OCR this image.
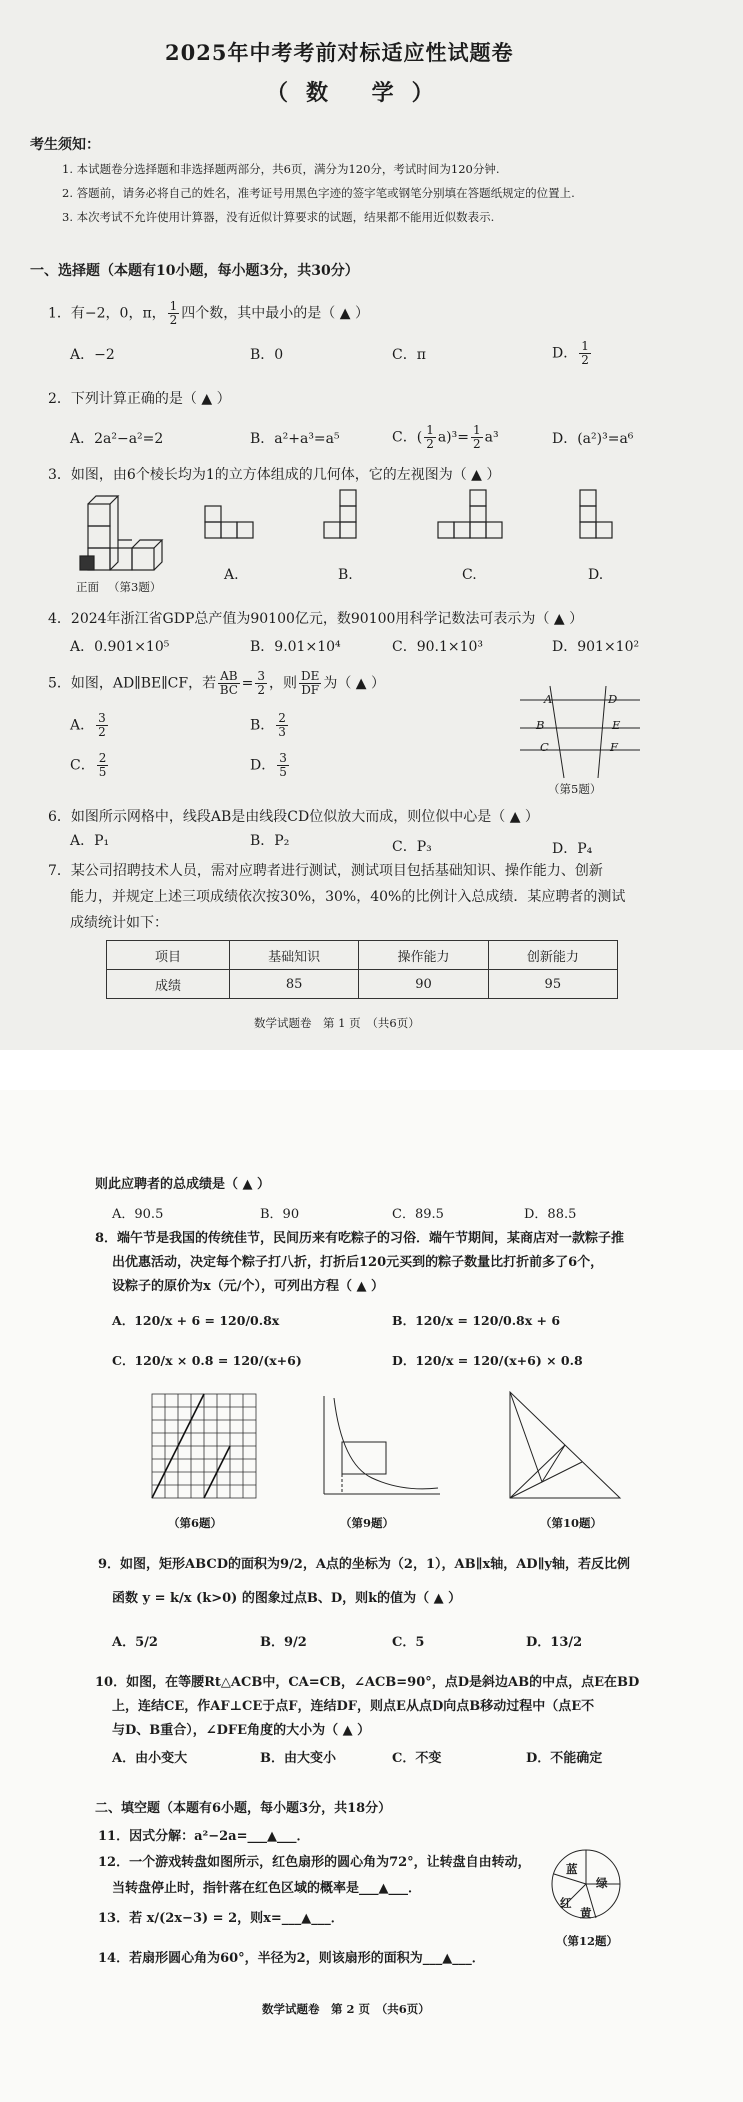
2025年中考考前对标适应性试题卷
（数 学）
考生须知：
1. 本试题卷分选择题和非选择题两部分，共6页，满分为120分，考试时间为120分钟.
2. 答题前，请务必将自己的姓名，准考证号用黑色字迹的签字笔或钢笔分别填在答题纸规定的位置上.
3. 本次考试不允许使用计算器，没有近似计算要求的试题，结果都不能用近似数表示.
一、选择题（本题有10小题，每小题3分，共30分）
1．有−2，0，π， $\frac{1}{2}$ 四个数，其中最小的是（ ▲ ）
A．−2	B．0	C．π	D． $\frac{1}{2}$
2．下列计算正确的是（ ▲ ）
A．2a²−a²=2	B．a²+a³=a⁵	C．( $\frac{1}{2} a)^3= \frac{1}{2} a^3$	D．(a²)³=a⁶
3．如图，由6个棱长均为1的立方体组成的几何体，它的左视图为（ ▲ ）
正面 （第3题）
A.	B.	C.	D.
4．2024年浙江省GDP总产值为90100亿元，数90100用科学记数法可表示为（ ▲ ）
A．0.901×10⁵	B．9.01×10⁴	C．90.1×10³	D．901×10²
5．如图，AD∥BE∥CF，若 $\frac{AB}{BC} = \frac{3}{2}$ ，则 $\frac{DE}{DF}$ 为（ ▲ ）
A． $\frac{3}{2}$	B． $\frac{2}{3}$
C． $\frac{2}{5}$	D． $\frac{3}{5}$
A	D
B	E
C	F
（第5题）
6．如图所示网格中，线段AB是由线段CD位似放大而成，则位似中心是（ ▲ ）
A．P₁	B．P₂	C．P₃	D．P₄
7．某公司招聘技术人员，需对应聘者进行测试，测试项目包括基础知识、操作能力、创新
能力，并规定上述三项成绩依次按30%，30%，40%的比例计入总成绩．某应聘者的测试
成绩统计如下：
项目	基础知识	操作能力	创新能力
成绩	85	90	95
数学试题卷　第 1 页　（共6页）
则此应聘者的总成绩是（ ▲ ）
A．90.5	B．90	C．89.5	D．88.5
8．端午节是我国的传统佳节，民间历来有吃粽子的习俗．端午节期间，某商店对一款粽子推
出优惠活动，决定每个粽子打八折，打折后120元买到的粽子数量比打折前多了6个，
设粽子的原价为x（元/个），可列出方程（ ▲ ）
A．120/x + 6 = 120/0.8x	B．120/x = 120/0.8x + 6
C．120/x × 0.8 = 120/(x+6)	D．120/x = 120/(x+6) × 0.8
（第6题）	（第9题）	（第10题）
9．如图，矩形ABCD的面积为9/2，A点的坐标为（2，1），AB∥x轴，AD∥y轴，若反比例
函数 y = k/x (k>0) 的图象过点B、D，则k的值为（ ▲ ）
A．5/2	B．9/2	C．5	D．13/2
10．如图，在等腰Rt△ACB中，CA=CB，∠ACB=90°，点D是斜边AB的中点，点E在BD
上，连结CE，作AF⊥CE于点F，连结DF，则点E从点D向点B移动过程中（点E不
与D、B重合），∠DFE角度的大小为（ ▲ ）
A．由小变大	B．由大变小	C．不变	D．不能确定
二、填空题（本题有6小题，每小题3分，共18分）
11．因式分解：a²−2a=___▲___．
12．一个游戏转盘如图所示，红色扇形的圆心角为72°，让转盘自由转动，
当转盘停止时，指针落在红色区域的概率是___▲___．
蓝
绿
红
黄
（第12题）
13．若 x/(2x−3) = 2，则x=___▲___．
14．若扇形圆心角为60°，半径为2，则该扇形的面积为___▲___．
数学试题卷　第 2 页　（共6页）
